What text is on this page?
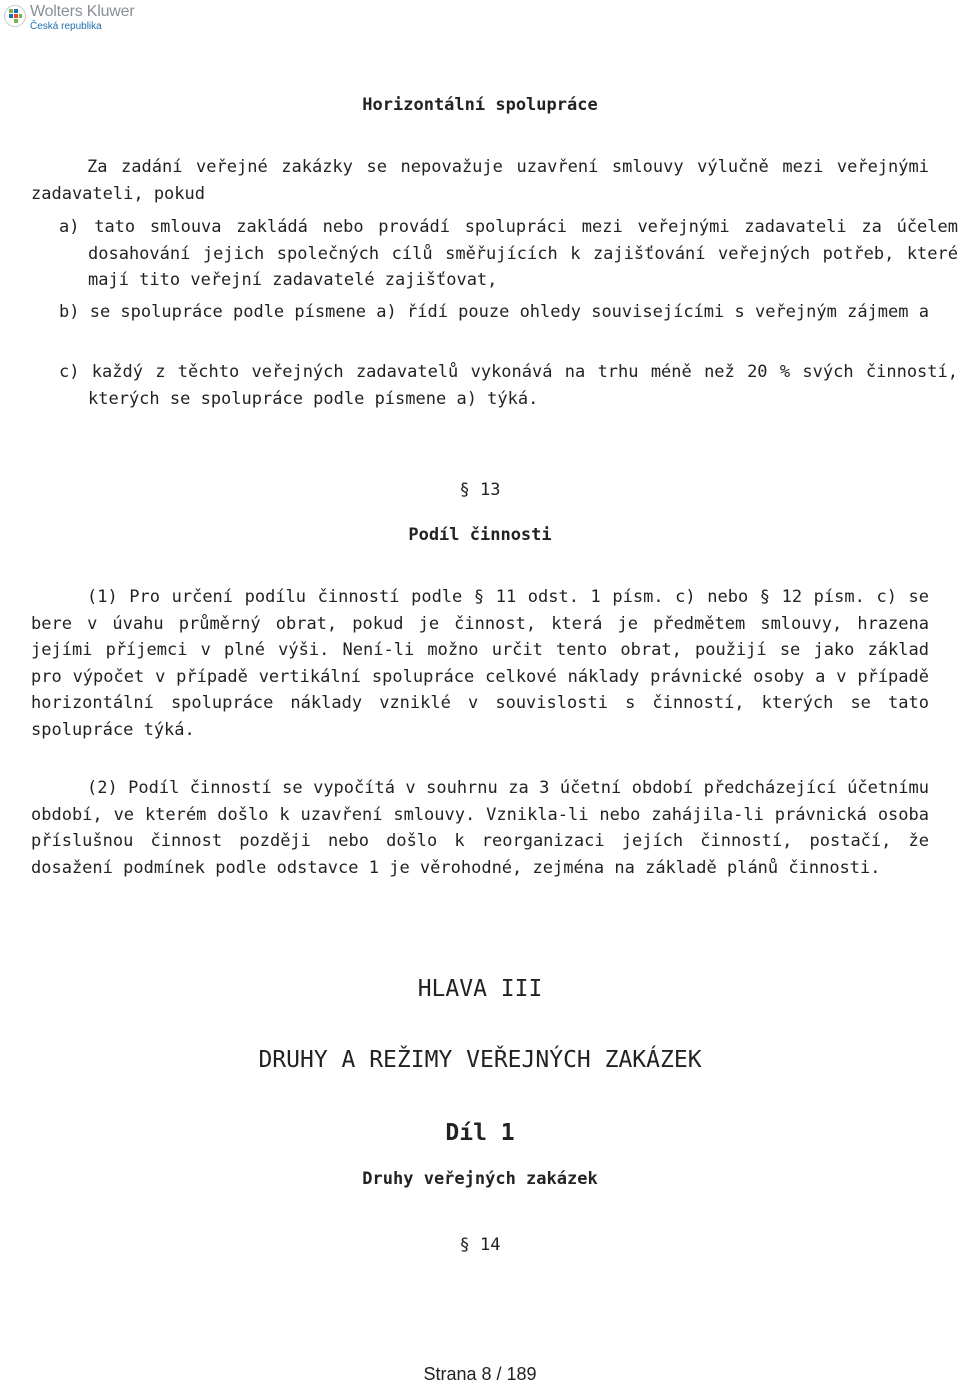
Wolters Kluwer
Česká republika
Horizontální spolupráce

Za zadání veřejné zakázky se nepovažuje uzavření smlouvy výlučně mezi veřejnými zadavateli, pokud

a) tato smlouva zakládá nebo provádí spolupráci mezi veřejnými zadavateli za účelem dosahování jejich společných cílů směřujících k zajišťování veřejných potřeb, které mají tito veřejní zadavatelé zajišťovat,

b) se spolupráce podle písmene a) řídí pouze ohledy souvisejícími s veřejným zájmem a

c) každý z těchto veřejných zadavatelů vykonává na trhu méně než 20 % svých činností, kterých se spolupráce podle písmene a) týká.

§ 13
Podíl činnosti

(1) Pro určení podílu činností podle § 11 odst. 1 písm. c) nebo § 12 písm. c) se bere v úvahu průměrný obrat, pokud je činnost, která je předmětem smlouvy, hrazena jejími příjemci v plné výši. Není-li možno určit tento obrat, použijí se jako základ pro výpočet v případě vertikální spolupráce celkové náklady právnické osoby a v případě horizontální spolupráce náklady vzniklé v souvislosti s činností, kterých se tato spolupráce týká.

(2) Podíl činností se vypočítá v souhrnu za 3 účetní období předcházející účetnímu období, ve kterém došlo k uzavření smlouvy. Vznikla-li nebo zahájila-li právnická osoba příslušnou činnost později nebo došlo k reorganizaci jejích činností, postačí, že dosažení podmínek podle odstavce 1 je věrohodné, zejména na základě plánů činnosti.

HLAVA III
DRUHY A REŽIMY VEŘEJNÝCH ZAKÁZEK
Díl 1
Druhy veřejných zakázek
§ 14
Strana 8 / 189
